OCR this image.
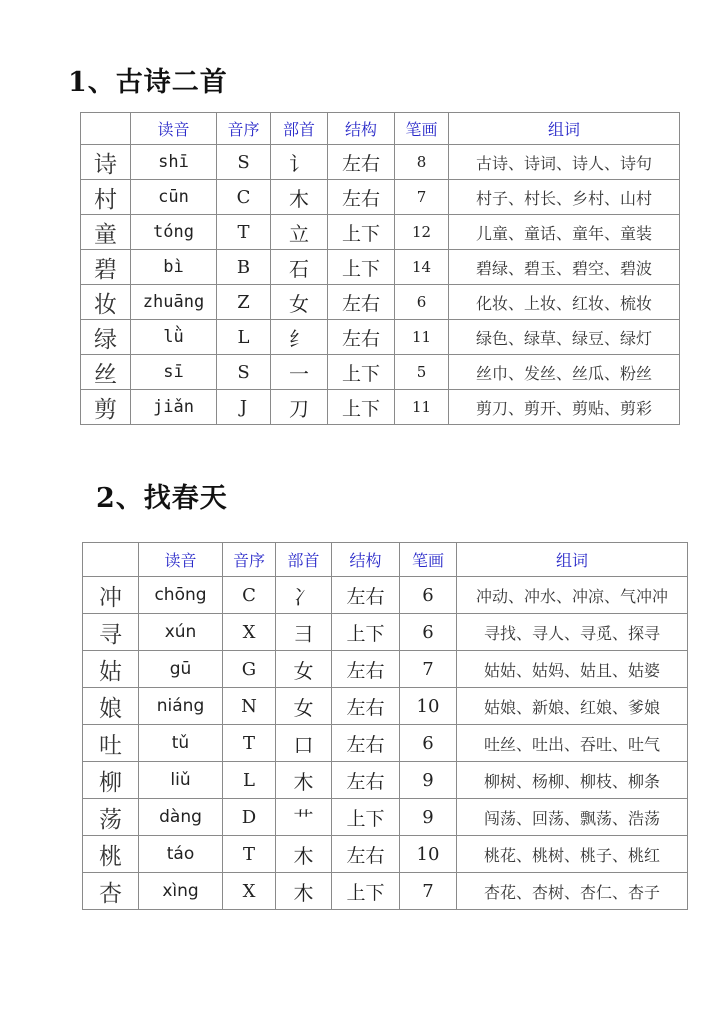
1、古诗二首
	读音	音序	部首	结构	笔画	组词
诗	shī	S	讠	左右	8	古诗、诗词、诗人、诗句
村	cūn	C	木	左右	7	村子、村长、乡村、山村
童	tóng	T	立	上下	12	儿童、童话、童年、童装
碧	bì	B	石	上下	14	碧绿、碧玉、碧空、碧波
妆	zhuāng	Z	女	左右	6	化妆、上妆、红妆、梳妆
绿	lǜ	L	纟	左右	11	绿色、绿草、绿豆、绿灯
丝	sī	S	一	上下	5	丝巾、发丝、丝瓜、粉丝
剪	jiǎn	J	刀	上下	11	剪刀、剪开、剪贴、剪彩
2、找春天
	读音	音序	部首	结构	笔画	组词
冲	chōng	C	冫	左右	6	冲动、冲水、冲凉、气冲冲
寻	xún	X	彐	上下	6	寻找、寻人、寻觅、探寻
姑	gū	G	女	左右	7	姑姑、姑妈、姑且、姑婆
娘	niáng	N	女	左右	10	姑娘、新娘、红娘、爹娘
吐	tǔ	T	口	左右	6	吐丝、吐出、吞吐、吐气
柳	liǔ	L	木	左右	9	柳树、杨柳、柳枝、柳条
荡	dàng	D	艹	上下	9	闯荡、回荡、飘荡、浩荡
桃	táo	T	木	左右	10	桃花、桃树、桃子、桃红
杏	xìng	X	木	上下	7	杏花、杏树、杏仁、杏子
